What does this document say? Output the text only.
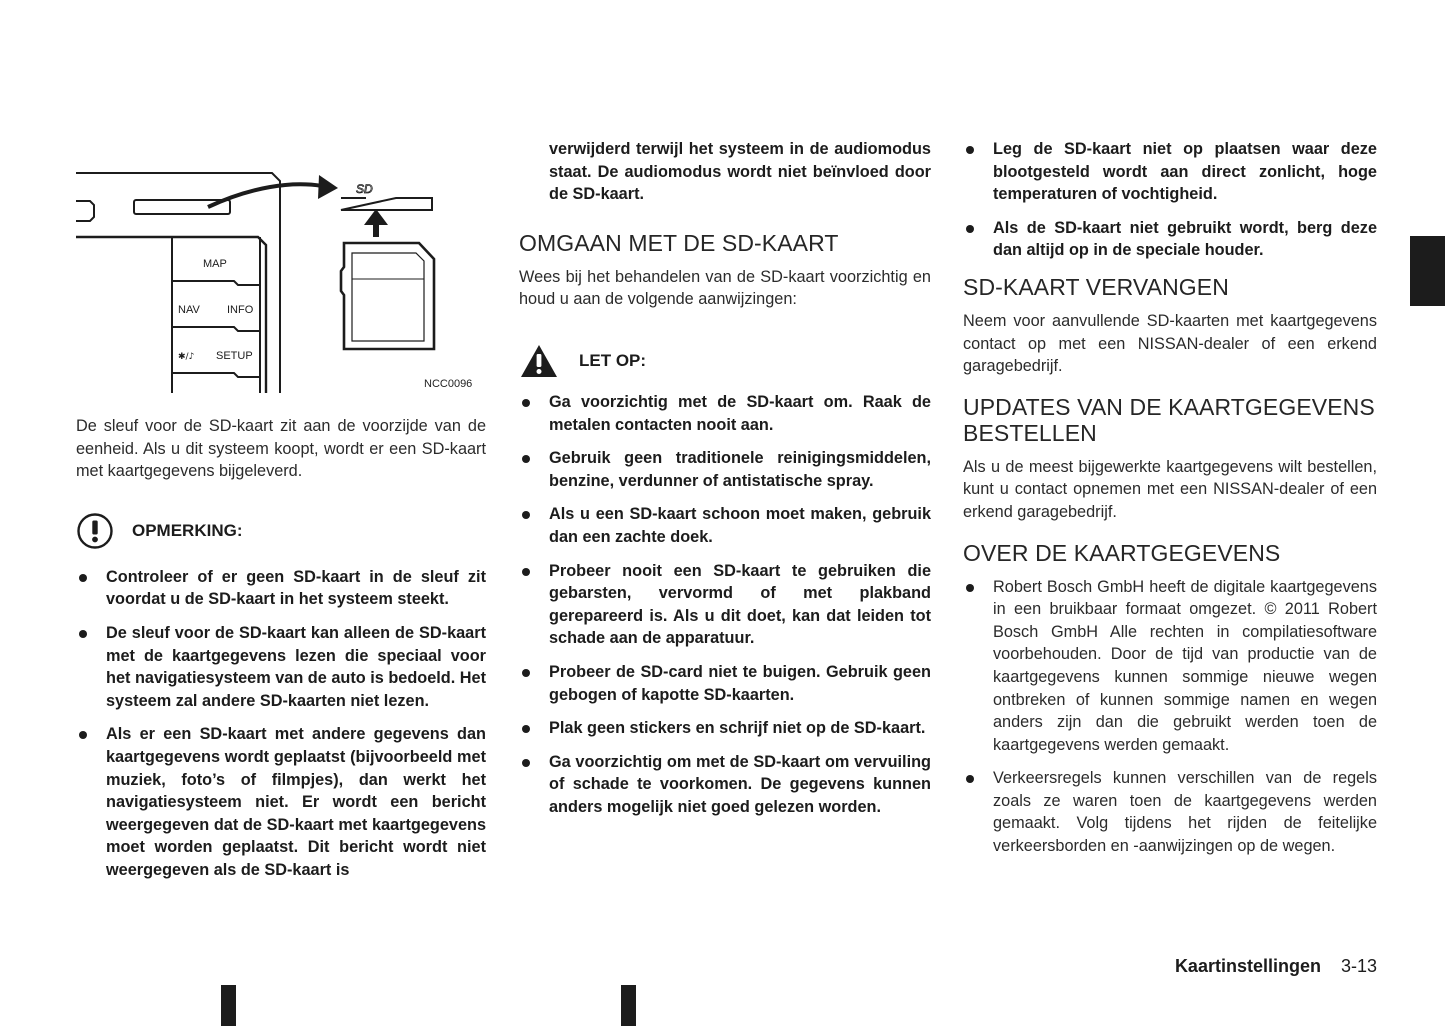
SD
MAP
NAV INFO
✱/♪ SETUP
NCC0096

De sleuf voor de SD-kaart zit aan de voorzijde van de eenheid. Als u dit systeem koopt, wordt er een SD-kaart met kaartgegevens bijgeleverd.

OPMERKING:
Controleer of er geen SD-kaart in de sleuf zit voordat u de SD-kaart in het systeem steekt.
De sleuf voor de SD-kaart kan alleen de SD-kaart met de kaartgegevens lezen die speciaal voor het navigatiesysteem van de auto is bedoeld. Het systeem zal andere SD-kaarten niet lezen.
Als er een SD-kaart met andere gegevens dan kaartgegevens wordt geplaatst (bijvoorbeeld met muziek, foto’s of filmpjes), dan werkt het navigatiesysteem niet. Er wordt een bericht weergegeven dat de SD-kaart met kaartgegevens moet worden geplaatst. Dit bericht wordt niet weergegeven als de SD-kaart is

verwijderd terwijl het systeem in de audiomodus staat. De audiomodus wordt niet beïnvloed door de SD-kaart.

OMGAAN MET DE SD-KAART

Wees bij het behandelen van de SD-kaart voorzichtig en houd u aan de volgende aanwijzingen:

LET OP:
Ga voorzichtig met de SD-kaart om. Raak de metalen contacten nooit aan.
Gebruik geen traditionele reinigingsmiddelen, benzine, verdunner of antistatische spray.
Als u een SD-kaart schoon moet maken, gebruik dan een zachte doek.
Probeer nooit een SD-kaart te gebruiken die gebarsten, vervormd of met plakband gerepareerd is. Als u dit doet, kan dat leiden tot schade aan de apparatuur.
Probeer de SD-card niet te buigen. Gebruik geen gebogen of kapotte SD-kaarten.
Plak geen stickers en schrijf niet op de SD-kaart.
Ga voorzichtig om met de SD-kaart om vervuiling of schade te voorkomen. De gegevens kunnen anders mogelijk niet goed gelezen worden.
Leg de SD-kaart niet op plaatsen waar deze blootgesteld wordt aan direct zonlicht, hoge temperaturen of vochtigheid.
Als de SD-kaart niet gebruikt wordt, berg deze dan altijd op in de speciale houder.
SD-KAART VERVANGEN

Neem voor aanvullende SD-kaarten met kaartgegevens contact op met een NISSAN-dealer of een erkend garagebedrijf.

UPDATES VAN DE KAARTGEGEVENS BESTELLEN

Als u de meest bijgewerkte kaartgegevens wilt bestellen, kunt u contact opnemen met een NISSAN-dealer of een erkend garagebedrijf.

OVER DE KAARTGEGEVENS
Robert Bosch GmbH heeft de digitale kaartgegevens in een bruikbaar formaat omgezet. © 2011 Robert Bosch GmbH Alle rechten in compilatiesoftware voorbehouden. Door de tijd van productie van de kaartgegevens kunnen sommige nieuwe wegen ontbreken of kunnen sommige namen en wegen anders zijn dan die gebruikt werden toen de kaartgegevens werden gemaakt.
Verkeersregels kunnen verschillen van de regels zoals ze waren toen de kaartgegevens werden gemaakt. Volg tijdens het rijden de feitelijke verkeersborden en -aanwijzingen op de wegen.
Kaartinstellingen 3-13
